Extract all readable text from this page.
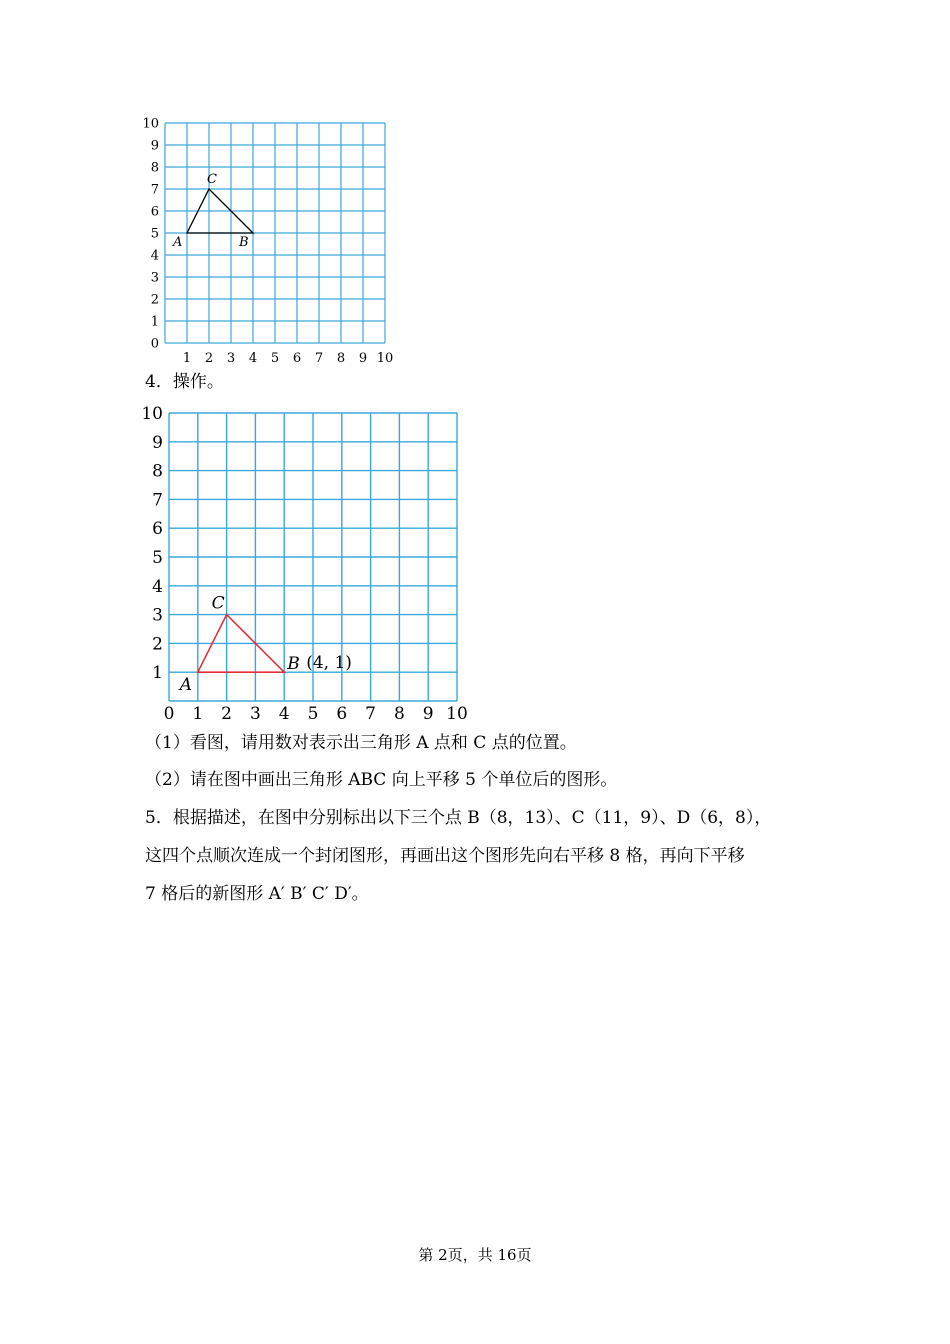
10
9
8
7
6
5
4
3
2
1
0
1 2 3 4 5 6 7 8 9 10
A	B
C
4．操作。
10
9
8
7
6
5
4
3
2
1
0 1 2 3 4 5 6 7 8 9 10
A
B
C
(4, 1)
（1）看图，请用数对表示出三角形 A 点和 C 点的位置。
（2）请在图中画出三角形 ABC 向上平移 5 个单位后的图形。
5．根据描述，在图中分别标出以下三个点 B（8，13）、C（11，9）、D（6，8），
这四个点顺次连成一个封闭图形，再画出这个图形先向右平移 8 格，再向下平移
7 格后的新图形 A′ B′ C′ D′。
第 2页，共 16页
